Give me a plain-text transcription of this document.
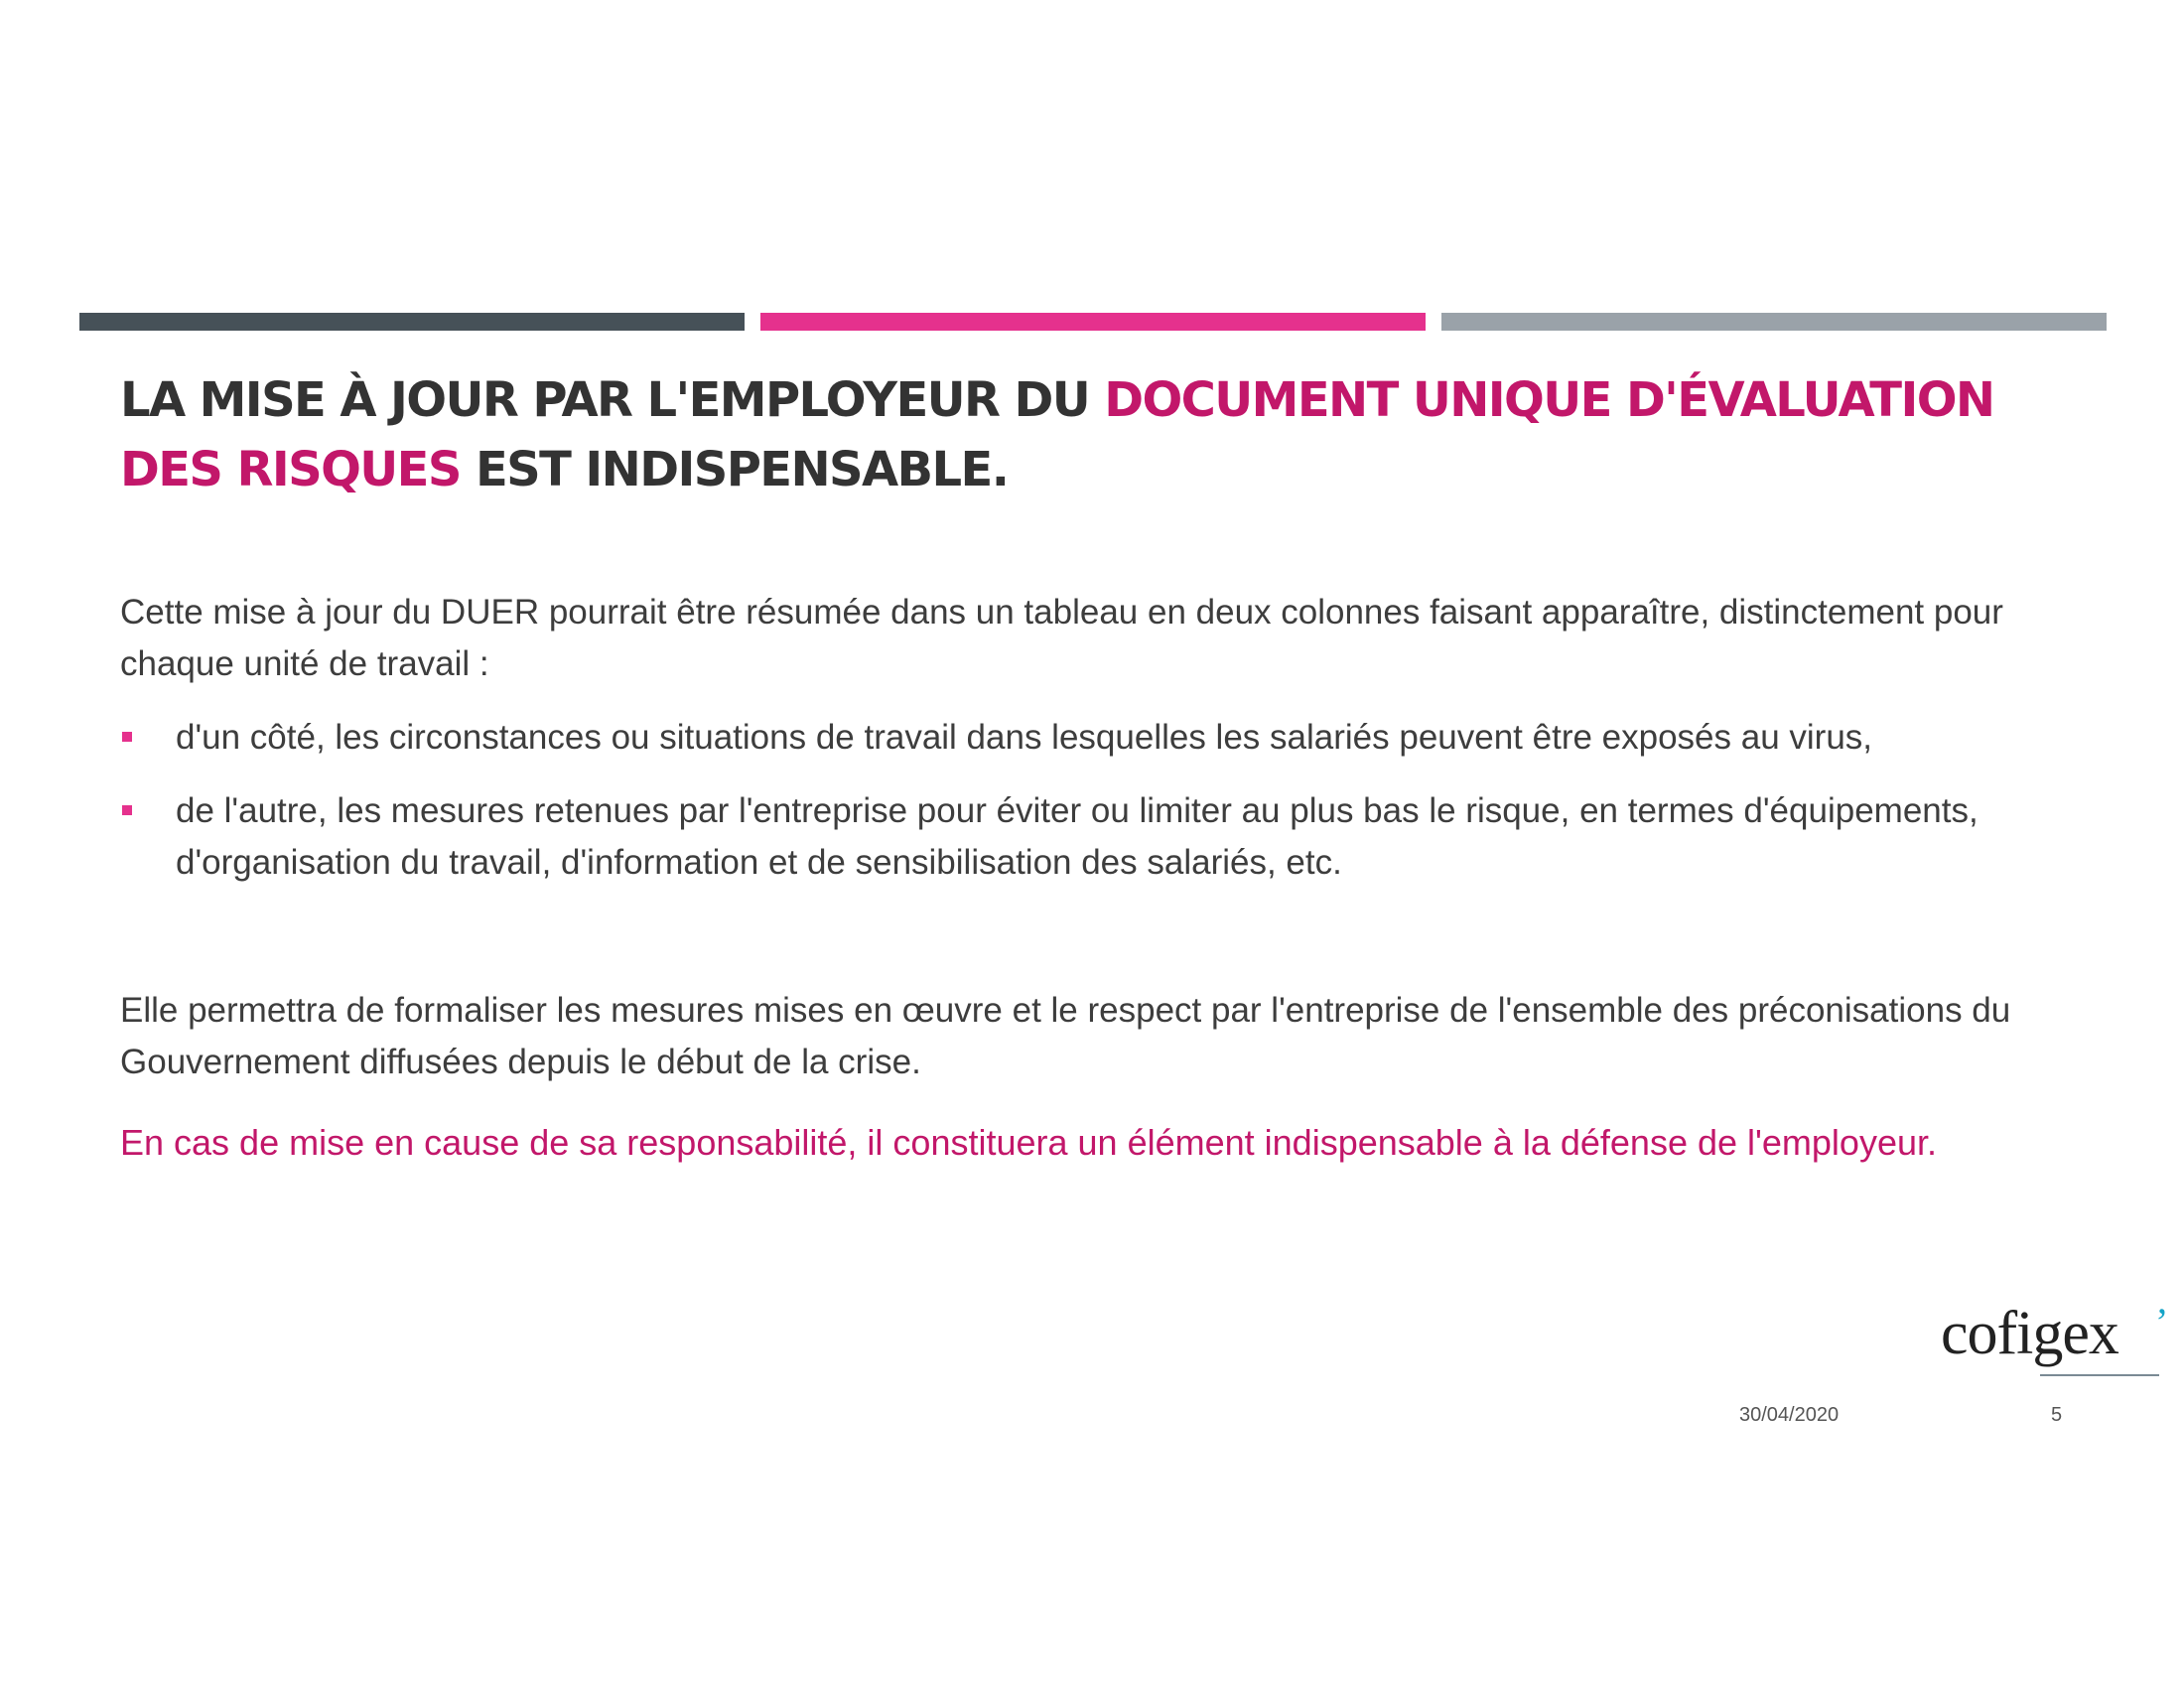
LA MISE À JOUR PAR L'EMPLOYEUR DU DOCUMENT UNIQUE D'ÉVALUATION DES RISQUES EST INDISPENSABLE.

Cette mise à jour du DUER pourrait être résumée dans un tableau en deux colonnes faisant apparaître, distinctement pour chaque unité de travail :

d'un côté, les circonstances ou situations de travail dans lesquelles les salariés peuvent être exposés au virus,
de l'autre, les mesures retenues par l'entreprise pour éviter ou limiter au plus bas le risque, en termes d'équipements, d'organisation du travail, d'information et de sensibilisation des salariés, etc.

Elle permettra de formaliser les mesures mises en œuvre et le respect par l'entreprise de l'ensemble des préconisations du Gouvernement diffusées depuis le début de la crise.

En cas de mise en cause de sa responsabilité, il constituera un élément indispensable à la défense de l'employeur.

cofigex ’
30/04/2020	5
